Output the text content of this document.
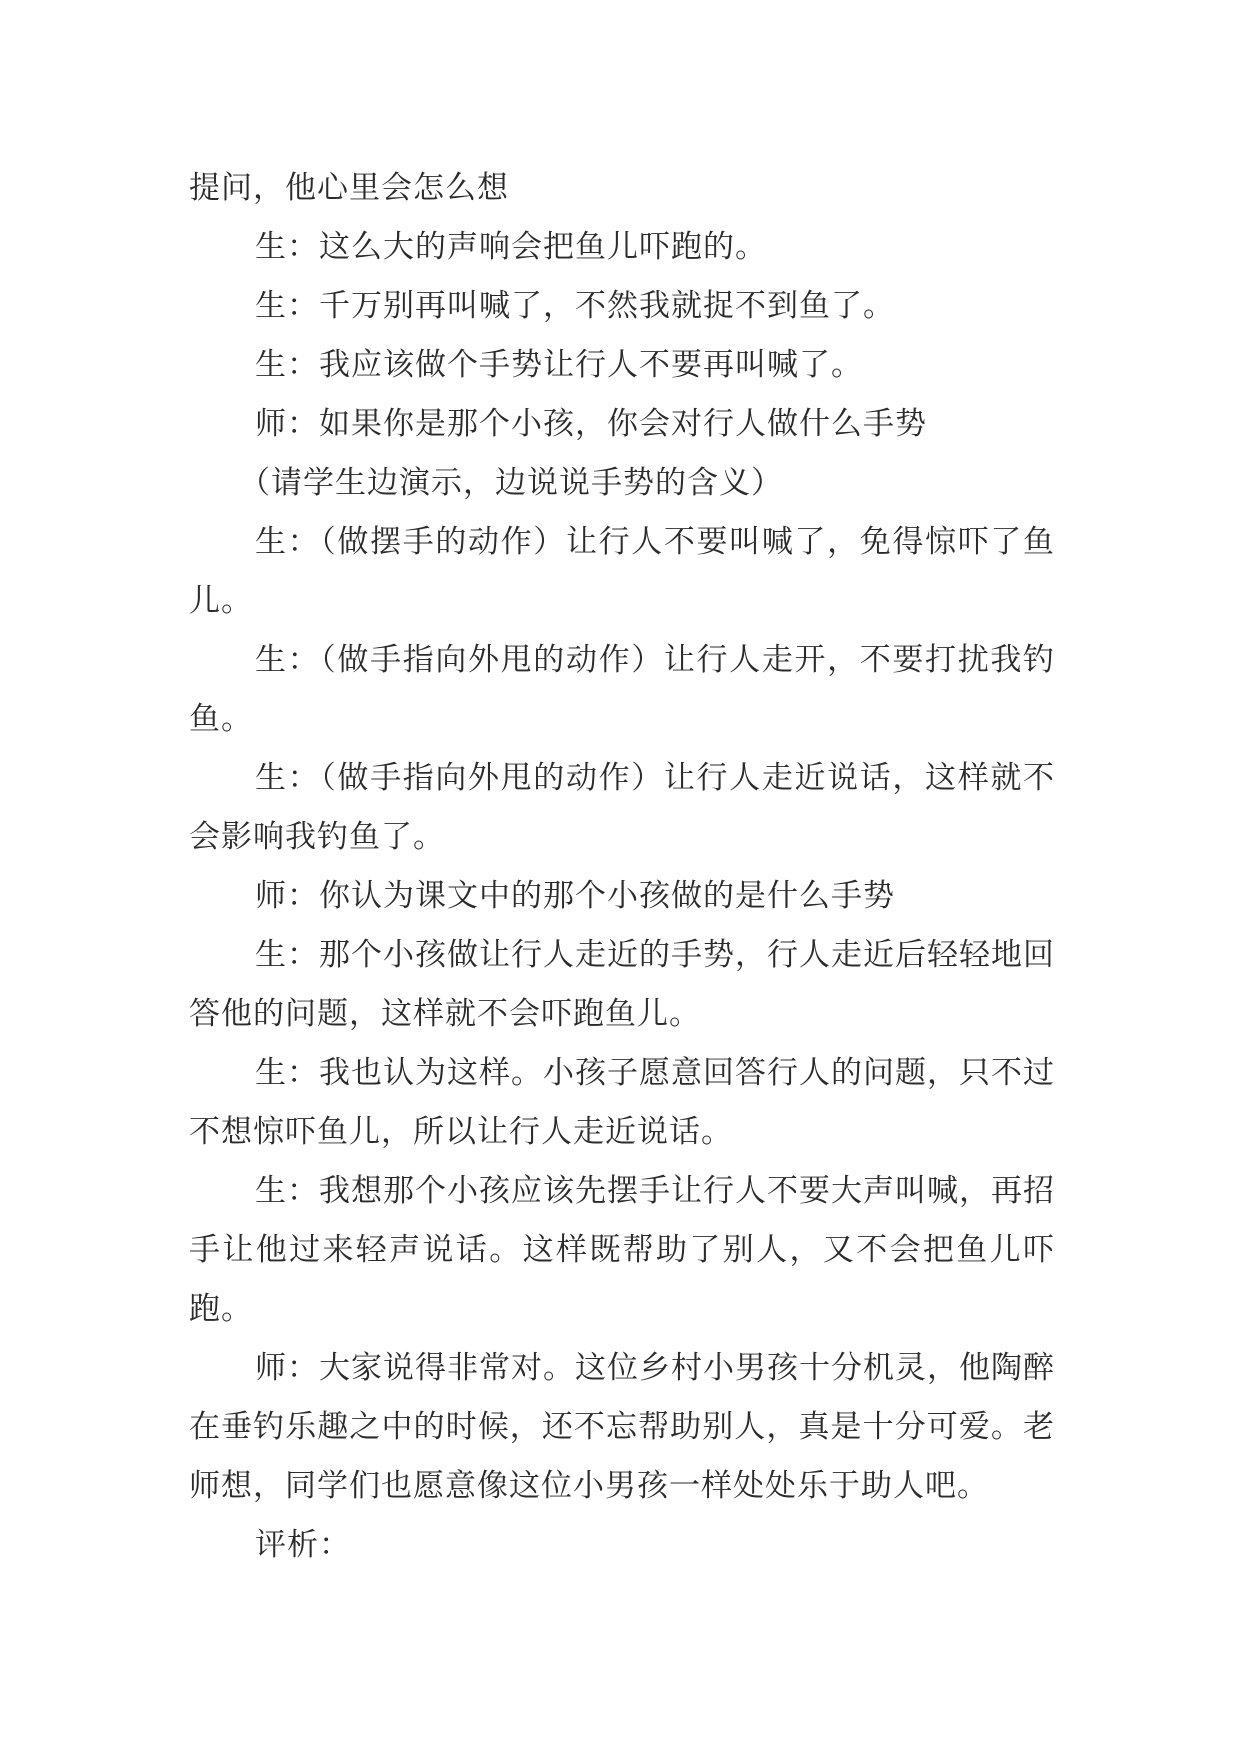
提问，他心里会怎么想

生：这么大的声响会把鱼儿吓跑的。

生：千万别再叫喊了，不然我就捉不到鱼了。

生：我应该做个手势让行人不要再叫喊了。

师：如果你是那个小孩，你会对行人做什么手势

（请学生边演示，边说说手势的含义）

生：（做摆手的动作）让行人不要叫喊了，免得惊吓了鱼儿。

生：（做手指向外甩的动作）让行人走开，不要打扰我钓鱼。

生：（做手指向外甩的动作）让行人走近说话，这样就不会影响我钓鱼了。

师：你认为课文中的那个小孩做的是什么手势

生：那个小孩做让行人走近的手势，行人走近后轻轻地回答他的问题，这样就不会吓跑鱼儿。

生：我也认为这样。小孩子愿意回答行人的问题，只不过不想惊吓鱼儿，所以让行人走近说话。

生：我想那个小孩应该先摆手让行人不要大声叫喊，再招手让他过来轻声说话。这样既帮助了别人，又不会把鱼儿吓跑。

师：大家说得非常对。这位乡村小男孩十分机灵，他陶醉在垂钓乐趣之中的时候，还不忘帮助别人，真是十分可爱。老师想，同学们也愿意像这位小男孩一样处处乐于助人吧。

评析：
